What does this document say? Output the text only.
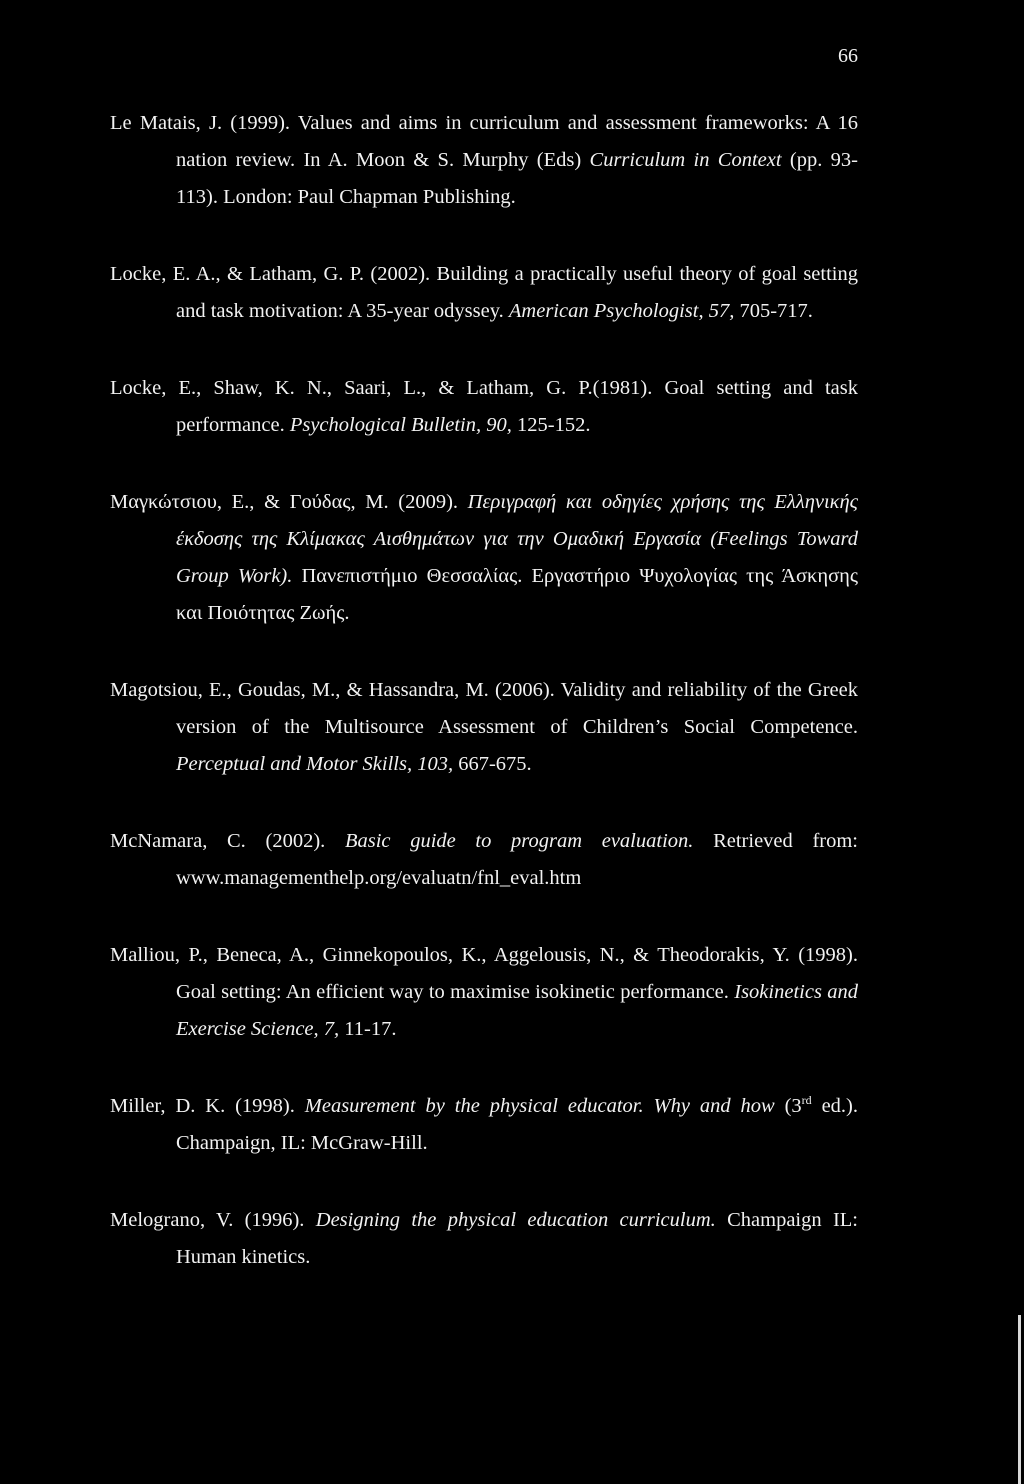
66

Le Matais, J. (1999). Values and aims in curriculum and assessment frameworks: A 16 nation review. In A. Moon & S. Murphy (Eds) Curriculum in Context (pp. 93-113). London: Paul Chapman Publishing.

Locke, E. A., & Latham, G. P. (2002). Building a practically useful theory of goal setting and task motivation: A 35-year odyssey. American Psychologist, 57, 705-717.

Locke, E., Shaw, K. N., Saari, L., & Latham, G. P.(1981). Goal setting and task performance. Psychological Bulletin, 90, 125-152.

Μαγκώτσιου, Ε., & Γούδας, Μ. (2009). Περιγραφή και οδηγίες χρήσης της Ελληνικής έκδοσης της Κλίμακας Αισθημάτων για την Ομαδική Εργασία (Feelings Toward Group Work). Πανεπιστήμιο Θεσσαλίας. Εργαστήριο Ψυχολογίας της Άσκησης και Ποιότητας Ζωής.

Magotsiou, E., Goudas, M., & Hassandra, M. (2006). Validity and reliability of the Greek version of the Multisource Assessment of Children’s Social Competence. Perceptual and Motor Skills, 103, 667-675.

McNamara, C. (2002). Basic guide to program evaluation. Retrieved from: www.managementhelp.org/evaluatn/fnl_eval.htm

Malliou, P., Beneca, A., Ginnekopoulos, K., Aggelousis, N., & Theodorakis, Y. (1998). Goal setting: An efficient way to maximise isokinetic performance. Isokinetics and Exercise Science, 7, 11-17.

Miller, D. K. (1998). Measurement by the physical educator. Why and how (3rd ed.). Champaign, IL: McGraw-Hill.

Melograno, V. (1996). Designing the physical education curriculum. Champaign IL: Human kinetics.
